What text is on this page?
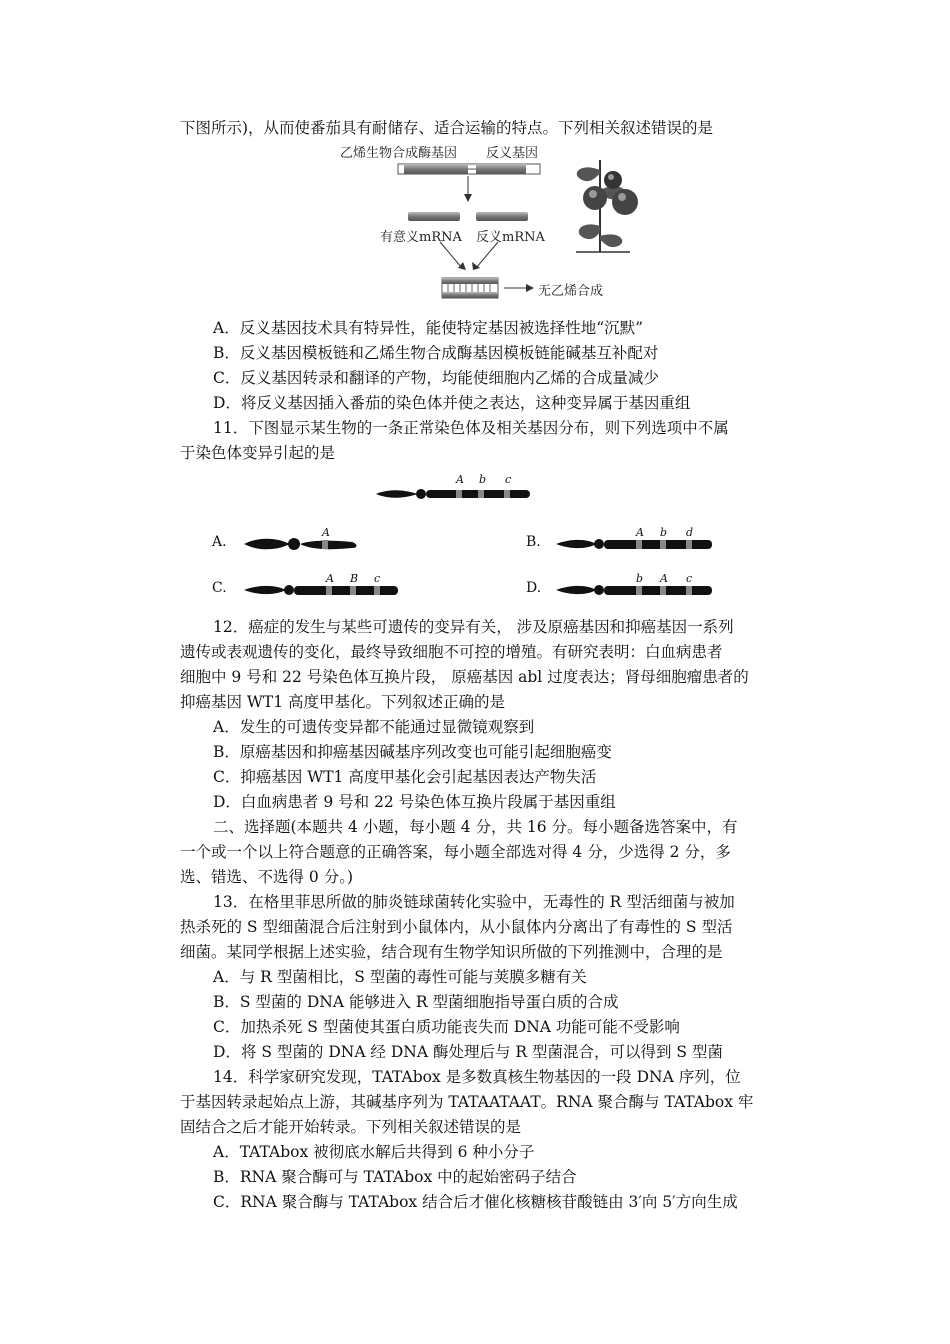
下图所示)，从而使番茄具有耐储存、适合运输的特点。下列相关叙述错误的是
乙烯生物合成酶基因 反义基因
有意义mRNA 反义mRNA
无乙烯合成
A．反义基因技术具有特异性，能使特定基因被选择性地“沉默”
B．反义基因模板链和乙烯生物合成酶基因模板链能碱基互补配对
C．反义基因转录和翻译的产物，均能使细胞内乙烯的合成量减少
D．将反义基因插入番茄的染色体并使之表达，这种变异属于基因重组
11．下图显示某生物的一条正常染色体及相关基因分布，则下列选项中不属
于染色体变异引起的是
A b c
A.
A
B.
A b d
C.
A B c
D.
b A c
12．癌症的发生与某些可遗传的变异有关， 涉及原癌基因和抑癌基因一系列
遗传或表观遗传的变化，最终导致细胞不可控的增殖。有研究表明：白血病患者
细胞中 9 号和 22 号染色体互换片段， 原癌基因 abl 过度表达；肾母细胞瘤患者的
抑癌基因 WT1 高度甲基化。下列叙述正确的是
A．发生的可遗传变异都不能通过显微镜观察到
B．原癌基因和抑癌基因碱基序列改变也可能引起细胞癌变
C．抑癌基因 WT1 高度甲基化会引起基因表达产物失活
D．白血病患者 9 号和 22 号染色体互换片段属于基因重组
二、选择题(本题共 4 小题，每小题 4 分，共 16 分。每小题备选答案中，有
一个或一个以上符合题意的正确答案，每小题全部选对得 4 分，少选得 2 分，多
选、错选、不选得 0 分。)
13．在格里菲思所做的肺炎链球菌转化实验中，无毒性的 R 型活细菌与被加
热杀死的 S 型细菌混合后注射到小鼠体内，从小鼠体内分离出了有毒性的 S 型活
细菌。某同学根据上述实验，结合现有生物学知识所做的下列推测中，合理的是
A．与 R 型菌相比，S 型菌的毒性可能与荚膜多糖有关
B．S 型菌的 DNA 能够进入 R 型菌细胞指导蛋白质的合成
C．加热杀死 S 型菌使其蛋白质功能丧失而 DNA 功能可能不受影响
D．将 S 型菌的 DNA 经 DNA 酶处理后与 R 型菌混合，可以得到 S 型菌
14．科学家研究发现，TATAbox 是多数真核生物基因的一段 DNA 序列，位
于基因转录起始点上游，其碱基序列为 TATAATAAT。RNA 聚合酶与 TATAbox 牢
固结合之后才能开始转录。下列相关叙述错误的是
A．TATAbox 被彻底水解后共得到 6 种小分子
B．RNA 聚合酶可与 TATAbox 中的起始密码子结合
C．RNA 聚合酶与 TATAbox 结合后才催化核糖核苷酸链由 3′向 5′方向生成
